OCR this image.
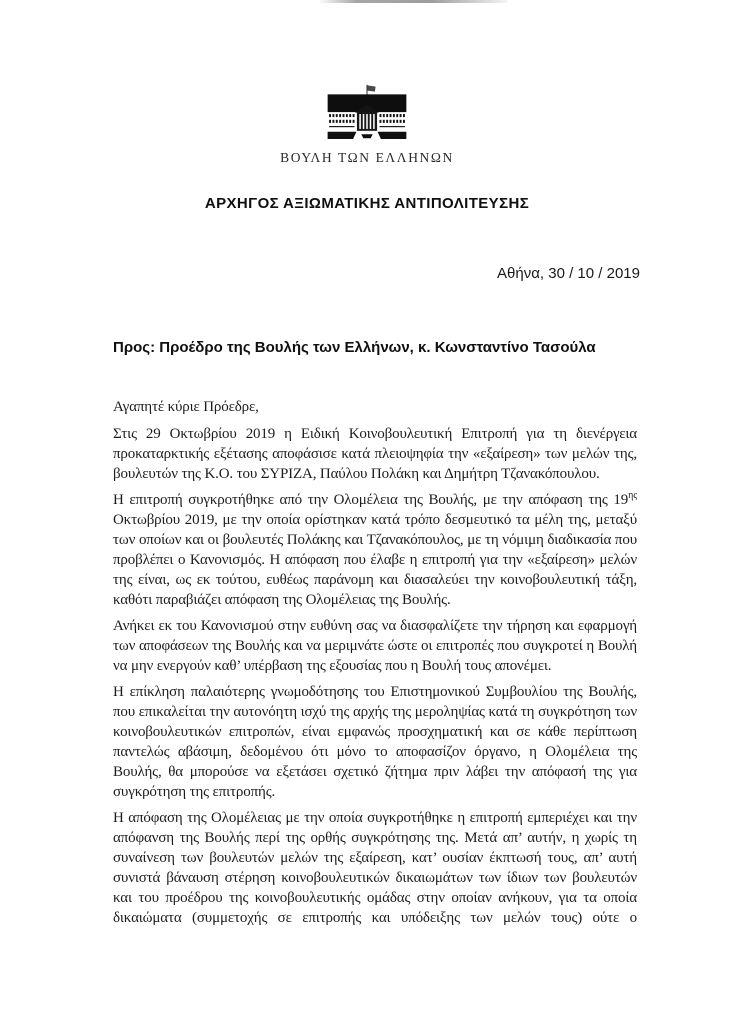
ΒΟΥΛΗ ΤΩΝ ΕΛΛΗΝΩΝ
ΑΡΧΗΓΟΣ ΑΞΙΩΜΑΤΙΚΗΣ ΑΝΤΙΠΟΛΙΤΕΥΣΗΣ
Αθήνα, 30 / 10 / 2019
Προς: Προέδρο της Βουλής των Ελλήνων, κ. Κωνσταντίνο Τασούλα
Αγαπητέ κύριε Πρόεδρε,

Στις 29 Οκτωβρίου 2019 η Ειδική Κοινοβουλευτική Επιτροπή για τη διενέργεια προκαταρκτικής εξέτασης αποφάσισε κατά πλειοψηφία την «εξαίρεση» των μελών της, βουλευτών της Κ.Ο. του ΣΥΡΙΖΑ, Παύλου Πολάκη και Δημήτρη Τζανακόπουλου.

Η επιτροπή συγκροτήθηκε από την Ολομέλεια της Βουλής, με την απόφαση της $19^{\eta\varsigma}$ Οκτωβρίου 2019, με την οποία ορίστηκαν κατά τρόπο δεσμευτικό τα μέλη της, μεταξύ των οποίων και οι βουλευτές Πολάκης και Τζανακόπουλος, με τη νόμιμη διαδικασία που προβλέπει ο Κανονισμός. Η απόφαση που έλαβε η επιτροπή για την «εξαίρεση» μελών της είναι, ως εκ τούτου, ευθέως παράνομη και διασαλεύει την κοινοβουλευτική τάξη, καθότι παραβιάζει απόφαση της Ολομέλειας της Βουλής.

Ανήκει εκ του Κανονισμού στην ευθύνη σας να διασφαλίζετε την τήρηση και εφαρμογή των αποφάσεων της Βουλής και να μεριμνάτε ώστε οι επιτροπές που συγκροτεί η Βουλή να μην ενεργούν καθ’ υπέρβαση της εξουσίας που η Βουλή τους απονέμει.

Η επίκληση παλαιότερης γνωμοδότησης του Επιστημονικού Συμβουλίου της Βουλής, που επικαλείται την αυτονόητη ισχύ της αρχής της μεροληψίας κατά τη συγκρότηση των κοινοβουλευτικών επιτροπών, είναι εμφανώς προσχηματική και σε κάθε περίπτωση παντελώς αβάσιμη, δεδομένου ότι μόνο το αποφασίζον όργανο, η Ολομέλεια της Βουλής, θα μπορούσε να εξετάσει σχετικό ζήτημα πριν λάβει την απόφασή της για συγκρότηση της επιτροπής.

Η απόφαση της Ολομέλειας με την οποία συγκροτήθηκε η επιτροπή εμπεριέχει και την απόφανση της Βουλής περί της ορθής συγκρότησης της. Μετά απ’ αυτήν, η χωρίς τη συναίνεση των βουλευτών μελών της εξαίρεση, κατ’ ουσίαν έκπτωσή τους, απ’ αυτή συνιστά βάναυση στέρηση κοινοβουλευτικών δικαιωμάτων των ίδιων των βουλευτών και του προέδρου της κοινοβουλευτικής ομάδας στην οποίαν ανήκουν, για τα οποία δικαιώματα (συμμετοχής σε επιτροπής και υπόδειξης των μελών τους) ούτε ο
